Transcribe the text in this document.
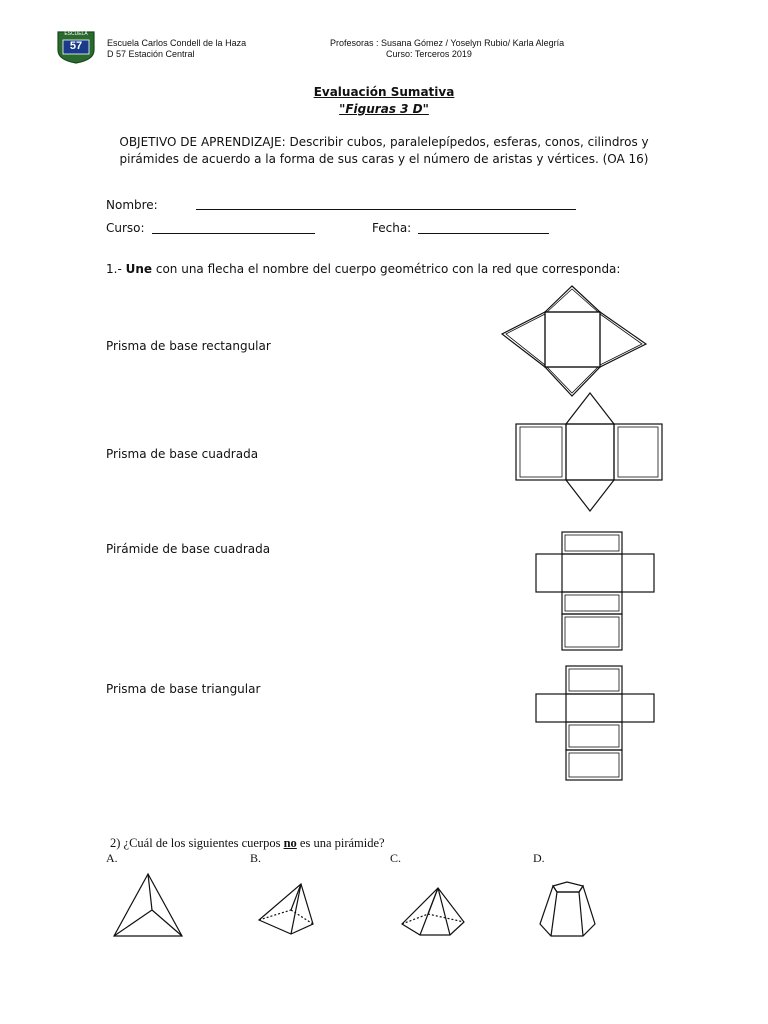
ESCUELA
57	Escuela Carlos Condell de la Haza
D 57 Estación Central
Profesoras : Susana Gómez / Yoselyn Rubio/ Karla Alegría
Curso: Terceros 2019
Evaluación Sumativa
"Figuras 3 D"
OBJETIVO DE APRENDIZAJE: Describir cubos, paralelepípedos, esferas, conos, cilindros y pirámides de acuerdo a la forma de sus caras y el número de aristas y vértices. (OA 16)
Nombre:
Curso:	Fecha:
1.- Une con una flecha el nombre del cuerpo geométrico con la red que corresponda:
Prisma de base rectangular
Prisma de base cuadrada
Pirámide de base cuadrada
Prisma de base triangular
2) ¿Cuál de los siguientes cuerpos no es una pirámide?
A.	B.	C.	D.
